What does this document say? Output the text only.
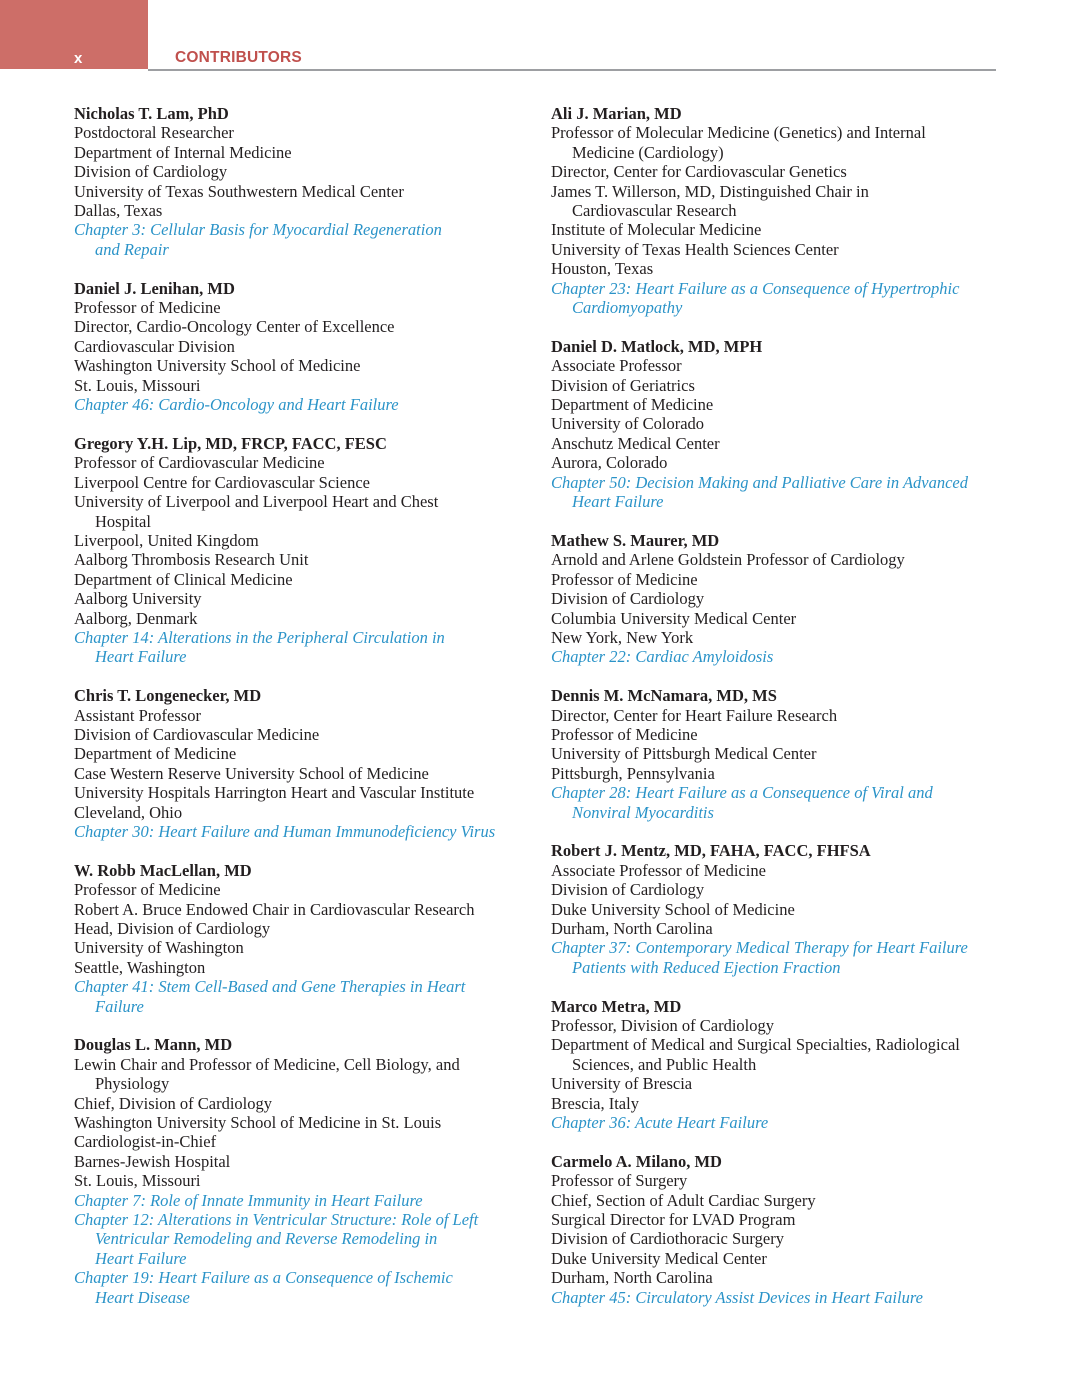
x	CONTRIBUTORS
Nicholas T. Lam, PhD
Postdoctoral Researcher
Department of Internal Medicine
Division of Cardiology
University of Texas Southwestern Medical Center
Dallas, Texas
Chapter 3: Cellular Basis for Myocardial Regeneration
and Repair
Daniel J. Lenihan, MD
Professor of Medicine
Director, Cardio-Oncology Center of Excellence
Cardiovascular Division
Washington University School of Medicine
St. Louis, Missouri
Chapter 46: Cardio-Oncology and Heart Failure
Gregory Y.H. Lip, MD, FRCP, FACC, FESC
Professor of Cardiovascular Medicine
Liverpool Centre for Cardiovascular Science
University of Liverpool and Liverpool Heart and Chest
Hospital
Liverpool, United Kingdom
Aalborg Thrombosis Research Unit
Department of Clinical Medicine
Aalborg University
Aalborg, Denmark
Chapter 14: Alterations in the Peripheral Circulation in
Heart Failure
Chris T. Longenecker, MD
Assistant Professor
Division of Cardiovascular Medicine
Department of Medicine
Case Western Reserve University School of Medicine
University Hospitals Harrington Heart and Vascular Institute
Cleveland, Ohio
Chapter 30: Heart Failure and Human Immunodeficiency Virus
W. Robb MacLellan, MD
Professor of Medicine
Robert A. Bruce Endowed Chair in Cardiovascular Research
Head, Division of Cardiology
University of Washington
Seattle, Washington
Chapter 41: Stem Cell-Based and Gene Therapies in Heart
Failure
Douglas L. Mann, MD
Lewin Chair and Professor of Medicine, Cell Biology, and
Physiology
Chief, Division of Cardiology
Washington University School of Medicine in St. Louis
Cardiologist-in-Chief
Barnes-Jewish Hospital
St. Louis, Missouri
Chapter 7: Role of Innate Immunity in Heart Failure
Chapter 12: Alterations in Ventricular Structure: Role of Left
Ventricular Remodeling and Reverse Remodeling in
Heart Failure
Chapter 19: Heart Failure as a Consequence of Ischemic
Heart Disease
Ali J. Marian, MD
Professor of Molecular Medicine (Genetics) and Internal
Medicine (Cardiology)
Director, Center for Cardiovascular Genetics
James T. Willerson, MD, Distinguished Chair in
Cardiovascular Research
Institute of Molecular Medicine
University of Texas Health Sciences Center
Houston, Texas
Chapter 23: Heart Failure as a Consequence of Hypertrophic
Cardiomyopathy
Daniel D. Matlock, MD, MPH
Associate Professor
Division of Geriatrics
Department of Medicine
University of Colorado
Anschutz Medical Center
Aurora, Colorado
Chapter 50: Decision Making and Palliative Care in Advanced
Heart Failure
Mathew S. Maurer, MD
Arnold and Arlene Goldstein Professor of Cardiology
Professor of Medicine
Division of Cardiology
Columbia University Medical Center
New York, New York
Chapter 22: Cardiac Amyloidosis
Dennis M. McNamara, MD, MS
Director, Center for Heart Failure Research
Professor of Medicine
University of Pittsburgh Medical Center
Pittsburgh, Pennsylvania
Chapter 28: Heart Failure as a Consequence of Viral and
Nonviral Myocarditis
Robert J. Mentz, MD, FAHA, FACC, FHFSA
Associate Professor of Medicine
Division of Cardiology
Duke University School of Medicine
Durham, North Carolina
Chapter 37: Contemporary Medical Therapy for Heart Failure
Patients with Reduced Ejection Fraction
Marco Metra, MD
Professor, Division of Cardiology
Department of Medical and Surgical Specialties, Radiological
Sciences, and Public Health
University of Brescia
Brescia, Italy
Chapter 36: Acute Heart Failure
Carmelo A. Milano, MD
Professor of Surgery
Chief, Section of Adult Cardiac Surgery
Surgical Director for LVAD Program
Division of Cardiothoracic Surgery
Duke University Medical Center
Durham, North Carolina
Chapter 45: Circulatory Assist Devices in Heart Failure
